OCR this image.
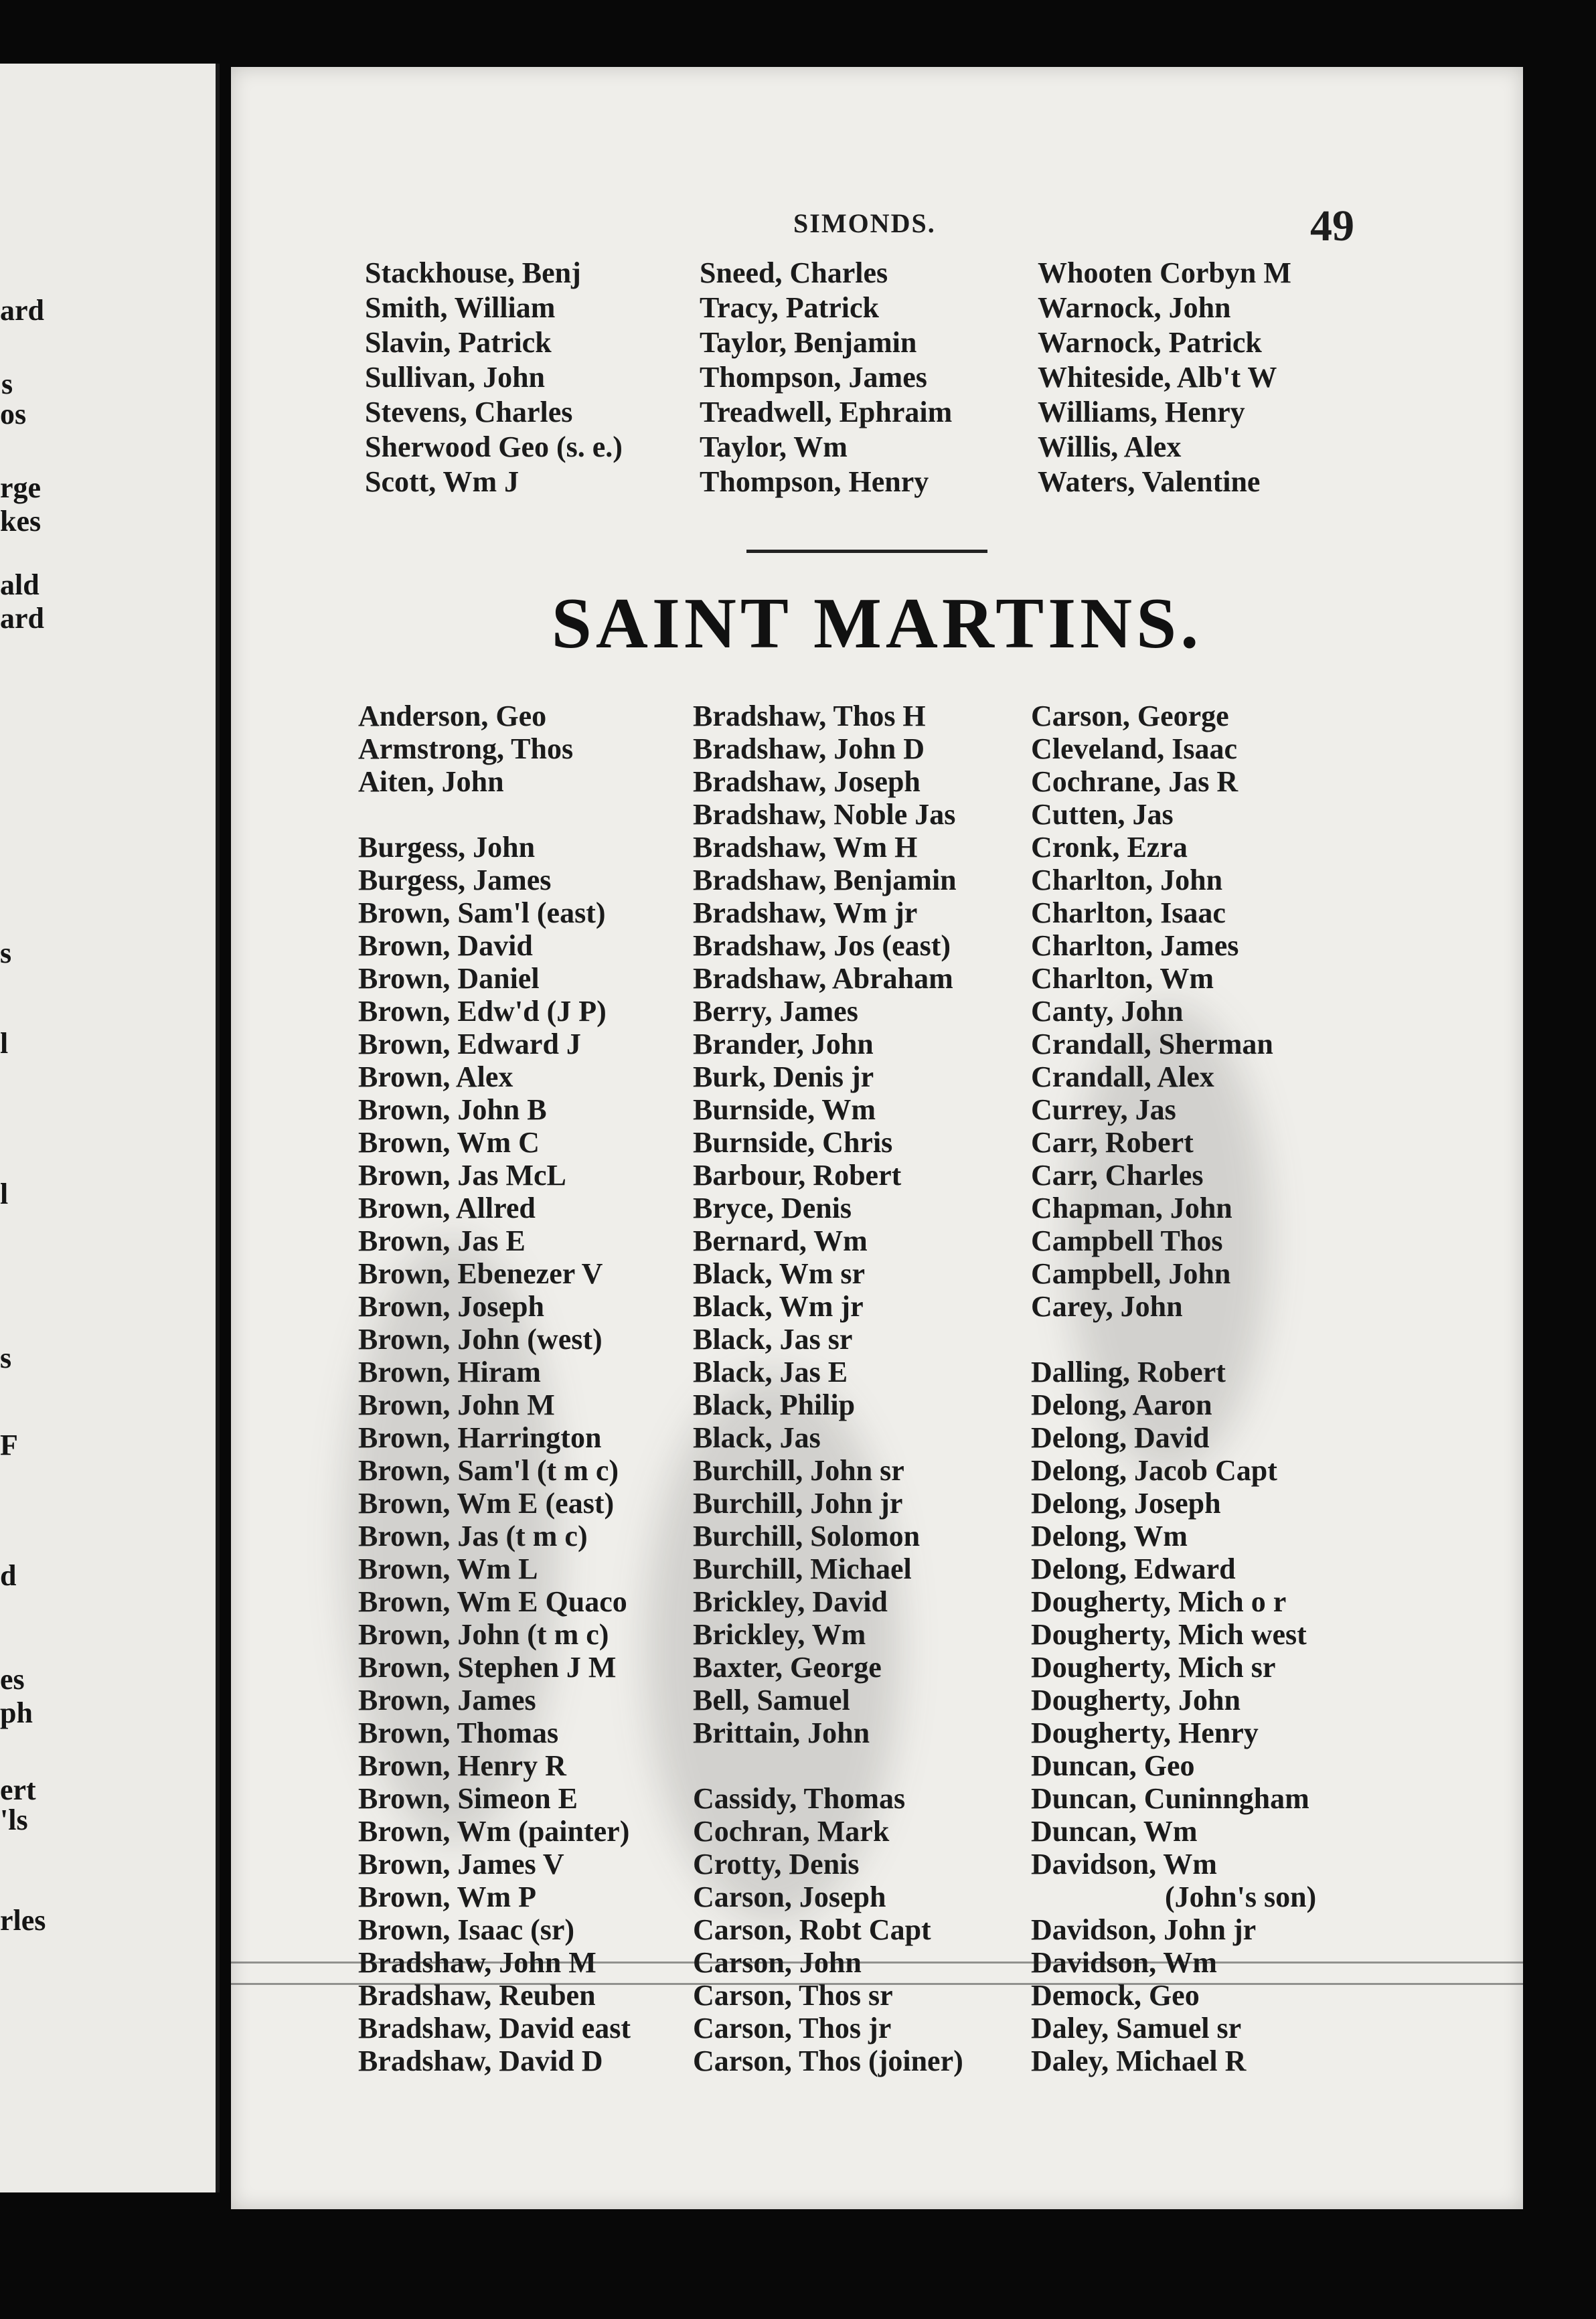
ard
s
os
rge
kes
ald
ard
s
l
l
s
F
d
es
ph
ert
'ls
rles
SIMONDS.	49
Stackhouse, Benj
Smith, William
Slavin, Patrick
Sullivan, John
Stevens, Charles
Sherwood Geo (s. e.)
Scott, Wm J
Sneed, Charles
Tracy, Patrick
Taylor, Benjamin
Thompson, James
Treadwell, Ephraim
Taylor, Wm
Thompson, Henry
Whooten Corbyn M
Warnock, John
Warnock, Patrick
Whiteside, Alb't W
Williams, Henry
Willis, Alex
Waters, Valentine
SAINT MARTINS.
Anderson, Geo
Armstrong, Thos
Aiten, John
Burgess, John
Burgess, James
Brown, Sam'l (east)
Brown, David
Brown, Daniel
Brown, Edw'd (J P)
Brown, Edward J
Brown, Alex
Brown, John B
Brown, Wm C
Brown, Jas McL
Brown, Allred
Brown, Jas E
Brown, Ebenezer V
Brown, Joseph
Brown, John (west)
Brown, Hiram
Brown, John M
Brown, Harrington
Brown, Sam'l (t m c)
Brown, Wm E (east)
Brown, Jas (t m c)
Brown, Wm L
Brown, Wm E Quaco
Brown, John (t m c)
Brown, Stephen J M
Brown, James
Brown, Thomas
Brown, Henry R
Brown, Simeon E
Brown, Wm (painter)
Brown, James V
Brown, Wm P
Brown, Isaac (sr)
Bradshaw, John M
Bradshaw, Reuben
Bradshaw, David east
Bradshaw, David D
Bradshaw, Thos H
Bradshaw, John D
Bradshaw, Joseph
Bradshaw, Noble Jas
Bradshaw, Wm H
Bradshaw, Benjamin
Bradshaw, Wm jr
Bradshaw, Jos (east)
Bradshaw, Abraham
Berry, James
Brander, John
Burk, Denis jr
Burnside, Wm
Burnside, Chris
Barbour, Robert
Bryce, Denis
Bernard, Wm
Black, Wm sr
Black, Wm jr
Black, Jas sr
Black, Jas E
Black, Philip
Black, Jas
Burchill, John sr
Burchill, John jr
Burchill, Solomon
Burchill, Michael
Brickley, David
Brickley, Wm
Baxter, George
Bell, Samuel
Brittain, John
Cassidy, Thomas
Cochran, Mark
Crotty, Denis
Carson, Joseph
Carson, Robt Capt
Carson, John
Carson, Thos sr
Carson, Thos jr
Carson, Thos (joiner)
Carson, George
Cleveland, Isaac
Cochrane, Jas R
Cutten, Jas
Cronk, Ezra
Charlton, John
Charlton, Isaac
Charlton, James
Charlton, Wm
Canty, John
Crandall, Sherman
Crandall, Alex
Currey, Jas
Carr, Robert
Carr, Charles
Chapman, John
Campbell Thos
Campbell, John
Carey, John
Dalling, Robert
Delong, Aaron
Delong, David
Delong, Jacob Capt
Delong, Joseph
Delong, Wm
Delong, Edward
Dougherty, Mich o r
Dougherty, Mich west
Dougherty, Mich sr
Dougherty, John
Dougherty, Henry
Duncan, Geo
Duncan, Cuninngham
Duncan, Wm
Davidson, Wm
(John's son)
Davidson, John jr
Davidson, Wm
Demock, Geo
Daley, Samuel sr
Daley, Michael R
